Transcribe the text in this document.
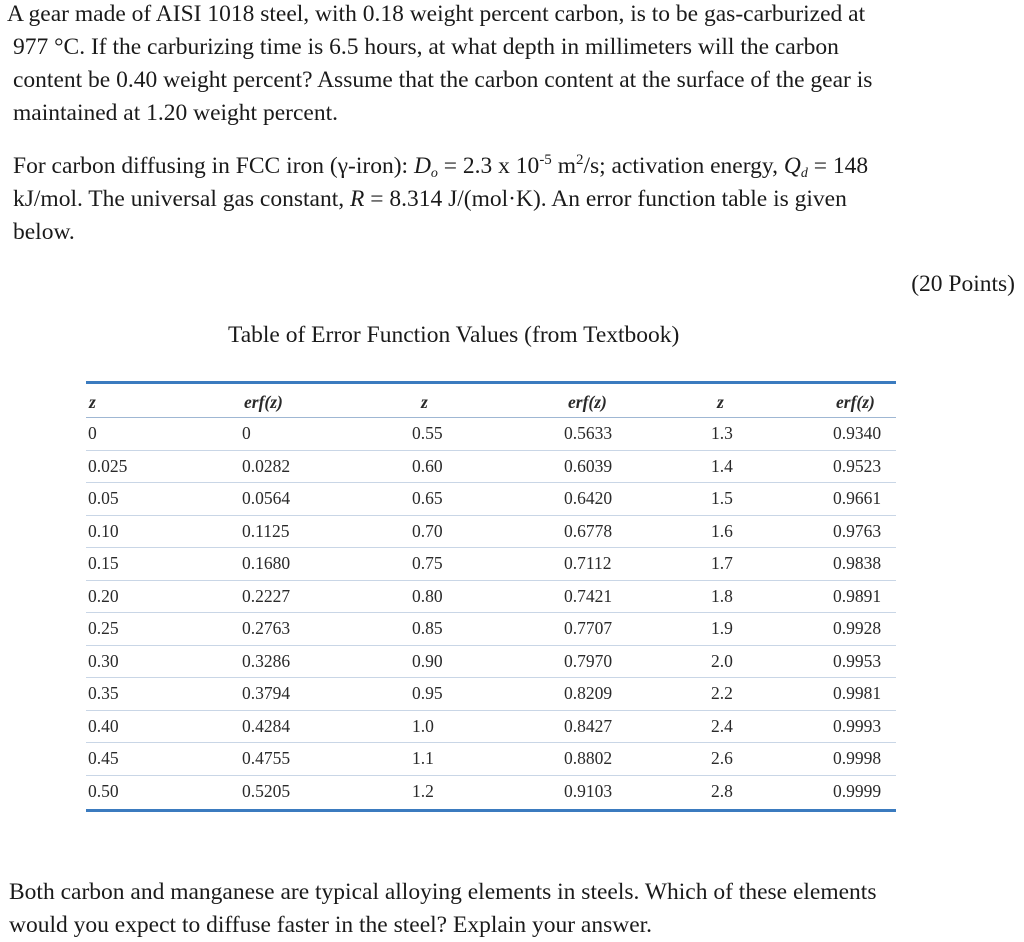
A gear made of AISI 1018 steel, with 0.18 weight percent carbon, is to be gas-carburized at
977 °C. If the carburizing time is 6.5 hours, at what depth in millimeters will the carbon
content be 0.40 weight percent? Assume that the carbon content at the surface of the gear is
maintained at 1.20 weight percent.

For carbon diffusing in FCC iron (γ-iron): $D_o = 2.3$ x $10^{-5}$ $m^2/s$; activation energy, $Q_d = 148$
kJ/mol. The universal gas constant, R = 8.314 J/(mol·K). An error function table is given
below.

(20 Points)
Table of Error Function Values (from Textbook)
z	erf(z)	z	erf(z)	z	erf(z)
0	0	0.55	0.5633	1.3	0.9340
0.025	0.0282	0.60	0.6039	1.4	0.9523
0.05	0.0564	0.65	0.6420	1.5	0.9661
0.10	0.1125	0.70	0.6778	1.6	0.9763
0.15	0.1680	0.75	0.7112	1.7	0.9838
0.20	0.2227	0.80	0.7421	1.8	0.9891
0.25	0.2763	0.85	0.7707	1.9	0.9928
0.30	0.3286	0.90	0.7970	2.0	0.9953
0.35	0.3794	0.95	0.8209	2.2	0.9981
0.40	0.4284	1.0	0.8427	2.4	0.9993
0.45	0.4755	1.1	0.8802	2.6	0.9998
0.50	0.5205	1.2	0.9103	2.8	0.9999

Both carbon and manganese are typical alloying elements in steels. Which of these elements
would you expect to diffuse faster in the steel? Explain your answer.
